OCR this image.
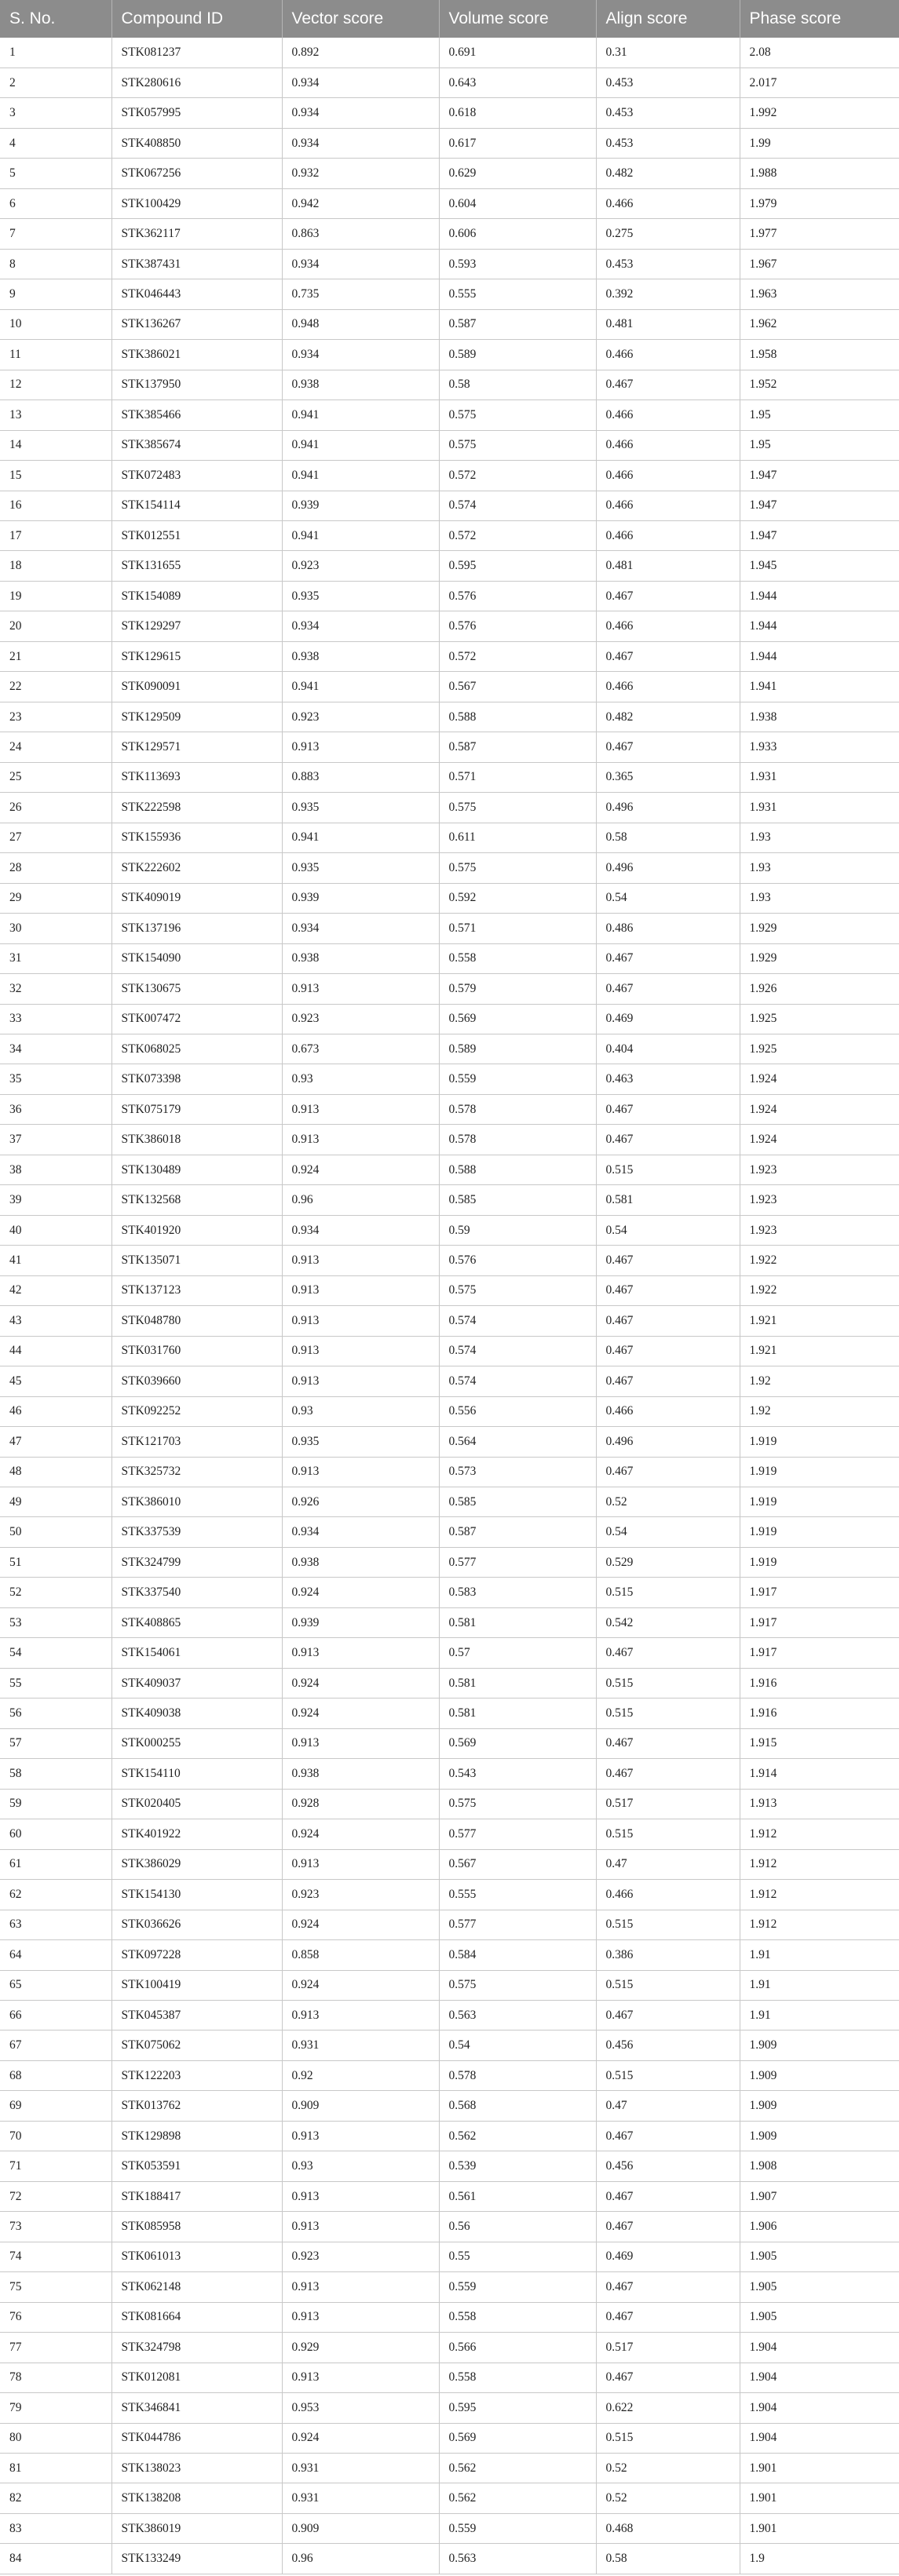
S. No.	Compound ID	Vector score	Volume score	Align score	Phase score
1	STK081237	0.892	0.691	0.31	2.08
2	STK280616	0.934	0.643	0.453	2.017
3	STK057995	0.934	0.618	0.453	1.992
4	STK408850	0.934	0.617	0.453	1.99
5	STK067256	0.932	0.629	0.482	1.988
6	STK100429	0.942	0.604	0.466	1.979
7	STK362117	0.863	0.606	0.275	1.977
8	STK387431	0.934	0.593	0.453	1.967
9	STK046443	0.735	0.555	0.392	1.963
10	STK136267	0.948	0.587	0.481	1.962
11	STK386021	0.934	0.589	0.466	1.958
12	STK137950	0.938	0.58	0.467	1.952
13	STK385466	0.941	0.575	0.466	1.95
14	STK385674	0.941	0.575	0.466	1.95
15	STK072483	0.941	0.572	0.466	1.947
16	STK154114	0.939	0.574	0.466	1.947
17	STK012551	0.941	0.572	0.466	1.947
18	STK131655	0.923	0.595	0.481	1.945
19	STK154089	0.935	0.576	0.467	1.944
20	STK129297	0.934	0.576	0.466	1.944
21	STK129615	0.938	0.572	0.467	1.944
22	STK090091	0.941	0.567	0.466	1.941
23	STK129509	0.923	0.588	0.482	1.938
24	STK129571	0.913	0.587	0.467	1.933
25	STK113693	0.883	0.571	0.365	1.931
26	STK222598	0.935	0.575	0.496	1.931
27	STK155936	0.941	0.611	0.58	1.93
28	STK222602	0.935	0.575	0.496	1.93
29	STK409019	0.939	0.592	0.54	1.93
30	STK137196	0.934	0.571	0.486	1.929
31	STK154090	0.938	0.558	0.467	1.929
32	STK130675	0.913	0.579	0.467	1.926
33	STK007472	0.923	0.569	0.469	1.925
34	STK068025	0.673	0.589	0.404	1.925
35	STK073398	0.93	0.559	0.463	1.924
36	STK075179	0.913	0.578	0.467	1.924
37	STK386018	0.913	0.578	0.467	1.924
38	STK130489	0.924	0.588	0.515	1.923
39	STK132568	0.96	0.585	0.581	1.923
40	STK401920	0.934	0.59	0.54	1.923
41	STK135071	0.913	0.576	0.467	1.922
42	STK137123	0.913	0.575	0.467	1.922
43	STK048780	0.913	0.574	0.467	1.921
44	STK031760	0.913	0.574	0.467	1.921
45	STK039660	0.913	0.574	0.467	1.92
46	STK092252	0.93	0.556	0.466	1.92
47	STK121703	0.935	0.564	0.496	1.919
48	STK325732	0.913	0.573	0.467	1.919
49	STK386010	0.926	0.585	0.52	1.919
50	STK337539	0.934	0.587	0.54	1.919
51	STK324799	0.938	0.577	0.529	1.919
52	STK337540	0.924	0.583	0.515	1.917
53	STK408865	0.939	0.581	0.542	1.917
54	STK154061	0.913	0.57	0.467	1.917
55	STK409037	0.924	0.581	0.515	1.916
56	STK409038	0.924	0.581	0.515	1.916
57	STK000255	0.913	0.569	0.467	1.915
58	STK154110	0.938	0.543	0.467	1.914
59	STK020405	0.928	0.575	0.517	1.913
60	STK401922	0.924	0.577	0.515	1.912
61	STK386029	0.913	0.567	0.47	1.912
62	STK154130	0.923	0.555	0.466	1.912
63	STK036626	0.924	0.577	0.515	1.912
64	STK097228	0.858	0.584	0.386	1.91
65	STK100419	0.924	0.575	0.515	1.91
66	STK045387	0.913	0.563	0.467	1.91
67	STK075062	0.931	0.54	0.456	1.909
68	STK122203	0.92	0.578	0.515	1.909
69	STK013762	0.909	0.568	0.47	1.909
70	STK129898	0.913	0.562	0.467	1.909
71	STK053591	0.93	0.539	0.456	1.908
72	STK188417	0.913	0.561	0.467	1.907
73	STK085958	0.913	0.56	0.467	1.906
74	STK061013	0.923	0.55	0.469	1.905
75	STK062148	0.913	0.559	0.467	1.905
76	STK081664	0.913	0.558	0.467	1.905
77	STK324798	0.929	0.566	0.517	1.904
78	STK012081	0.913	0.558	0.467	1.904
79	STK346841	0.953	0.595	0.622	1.904
80	STK044786	0.924	0.569	0.515	1.904
81	STK138023	0.931	0.562	0.52	1.901
82	STK138208	0.931	0.562	0.52	1.901
83	STK386019	0.909	0.559	0.468	1.901
84	STK133249	0.96	0.563	0.58	1.9
